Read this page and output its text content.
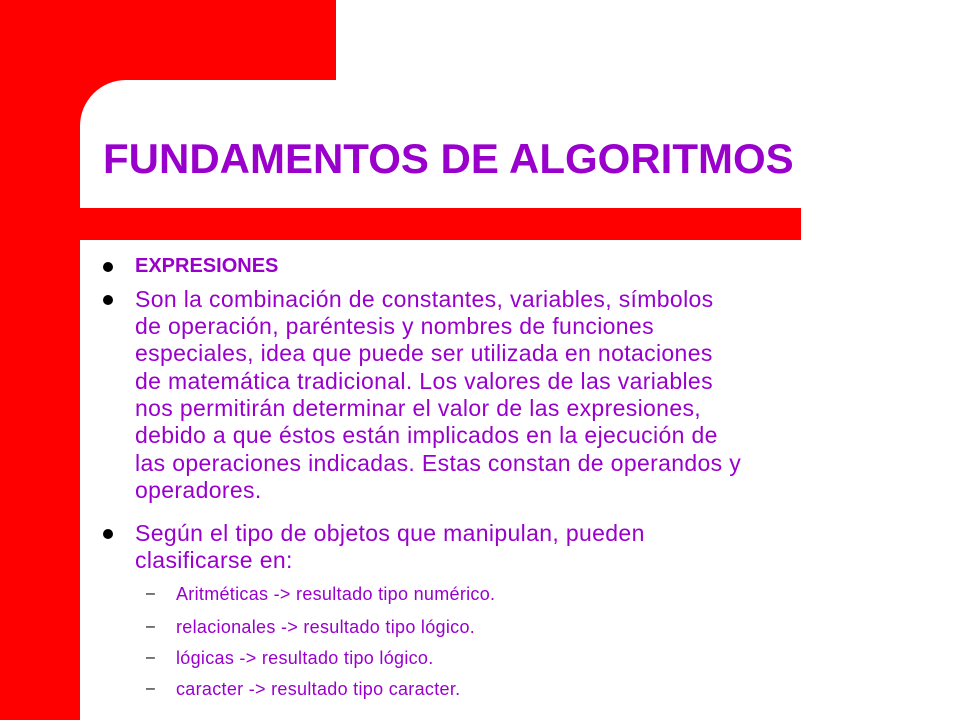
FUNDAMENTOS DE ALGORITMOS

EXPRESIONES

Son la combinación de constantes, variables, símbolos

de operación, paréntesis y nombres de funciones

especiales, idea que puede ser utilizada en notaciones

de matemática tradicional. Los valores de las variables

nos permitirán determinar el valor de las expresiones,

debido a que éstos están implicados en la ejecución de

las operaciones indicadas. Estas constan de operandos y

operadores.

Según el tipo de objetos que manipulan, pueden

clasificarse en:

– Aritméticas -> resultado tipo numérico.

– relacionales -> resultado tipo lógico.

– lógicas -> resultado tipo lógico.

– caracter -> resultado tipo caracter.
